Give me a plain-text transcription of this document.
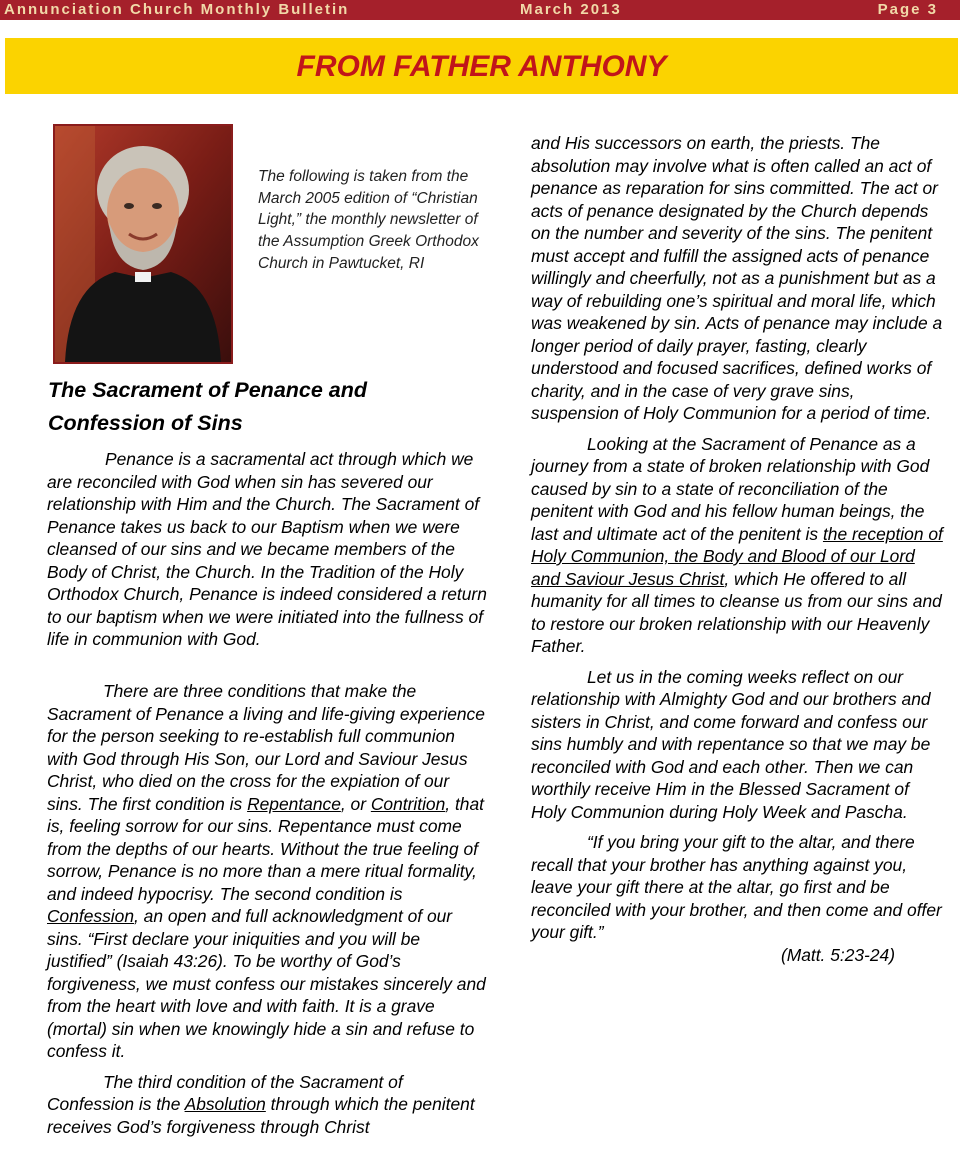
Annunciation Church Monthly Bulletin	March 2013	Page 3
FROM FATHER ANTHONY
The following is taken from the March 2005 edition of “Christian Light,” the monthly newsletter of the Assumption Greek Orthodox Church in Pawtucket, RI
The Sacrament of Penance and Confession of Sins

Penance is a sacramental act through which we are reconciled with God when sin has severed our relationship with Him and the Church. The Sacrament of Penance takes us back to our Baptism when we were cleansed of our sins and we became members of the Body of Christ, the Church. In the Tradition of the Holy Orthodox Church, Penance is indeed considered a return to our baptism when we were initiated into the fullness of life in communion with God.

There are three conditions that make the Sacrament of Penance a living and life-giving experience for the person seeking to re-establish full communion with God through His Son, our Lord and Saviour Jesus Christ, who died on the cross for the expiation of our sins. The first condition is Repentance, or Contrition, that is, feeling sorrow for our sins. Repentance must come from the depths of our hearts. Without the true feeling of sorrow, Penance is no more than a mere ritual formality, and indeed hypocrisy. The second condition is Confession, an open and full acknowledgment of our sins. “First declare your iniquities and you will be justified” (Isaiah 43:26). To be worthy of God’s forgiveness, we must confess our mistakes sincerely and from the heart with love and with faith. It is a grave (mortal) sin when we knowingly hide a sin and refuse to confess it.

The third condition of the Sacrament of Confession is the Absolution through which the penitent receives God’s forgiveness through Christ

and His successors on earth, the priests. The absolution may involve what is often called an act of penance as reparation for sins committed. The act or acts of penance designated by the Church depends on the number and severity of the sins. The penitent must accept and fulfill the assigned acts of penance willingly and cheerfully, not as a punishment but as a way of rebuilding one’s spiritual and moral life, which was weakened by sin. Acts of penance may include a longer period of daily prayer, fasting, clearly understood and focused sacrifices, defined works of charity, and in the case of very grave sins, suspension of Holy Communion for a period of time.

Looking at the Sacrament of Penance as a journey from a state of broken relationship with God caused by sin to a state of reconciliation of the penitent with God and his fellow human beings, the last and ultimate act of the penitent is the reception of Holy Communion, the Body and Blood of our Lord and Saviour Jesus Christ, which He offered to all humanity for all times to cleanse us from our sins and to restore our broken relationship with our Heavenly Father.

Let us in the coming weeks reflect on our relationship with Almighty God and our brothers and sisters in Christ, and come forward and confess our sins humbly and with repentance so that we may be reconciled with God and each other. Then we can worthily receive Him in the Blessed Sacrament of Holy Communion during Holy Week and Pascha.

“If you bring your gift to the altar, and there recall that your brother has anything against you, leave your gift there at the altar, go first and be reconciled with your brother, and then come and offer your gift.”

(Matt. 5:23-24)
